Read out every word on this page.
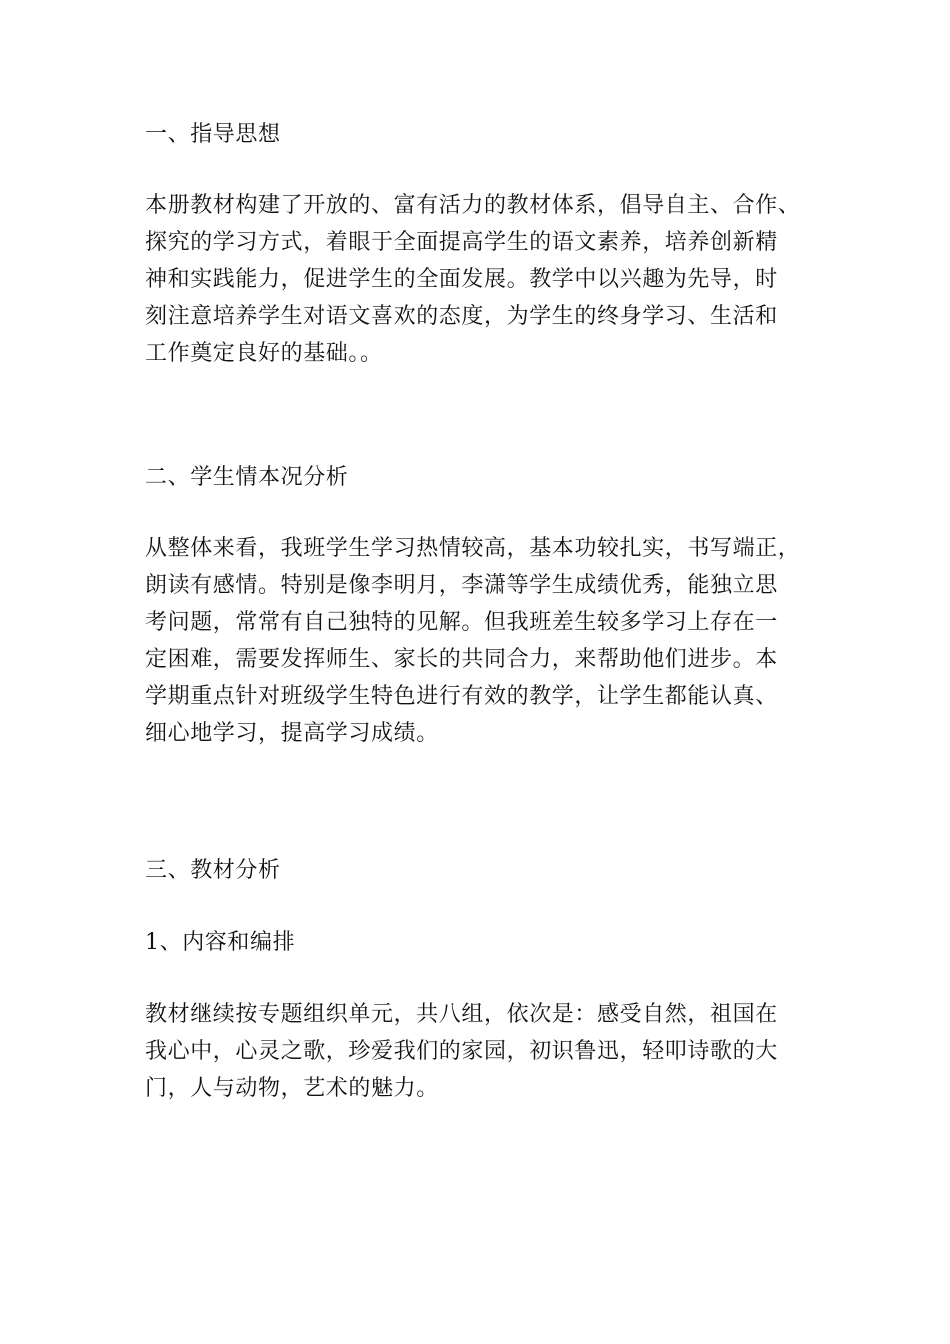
一、指导思想
本册教材构建了开放的、富有活力的教材体系，倡导自主、合作、
探究的学习方式，着眼于全面提高学生的语文素养，培养创新精
神和实践能力，促进学生的全面发展。教学中以兴趣为先导，时
刻注意培养学生对语文喜欢的态度，为学生的终身学习、生活和
工作奠定良好的基础。。
二、学生情本况分析
从整体来看，我班学生学习热情较高，基本功较扎实，书写端正，
朗读有感情。特别是像李明月，李潇等学生成绩优秀，能独立思
考问题，常常有自己独特的见解。但我班差生较多学习上存在一
定困难，需要发挥师生、家长的共同合力，来帮助他们进步。本
学期重点针对班级学生特色进行有效的教学，让学生都能认真、
细心地学习，提高学习成绩。
三、教材分析
1、内容和编排
教材继续按专题组织单元，共八组，依次是：感受自然，祖国在
我心中，心灵之歌，珍爱我们的家园，初识鲁迅，轻叩诗歌的大
门，人与动物，艺术的魅力。
